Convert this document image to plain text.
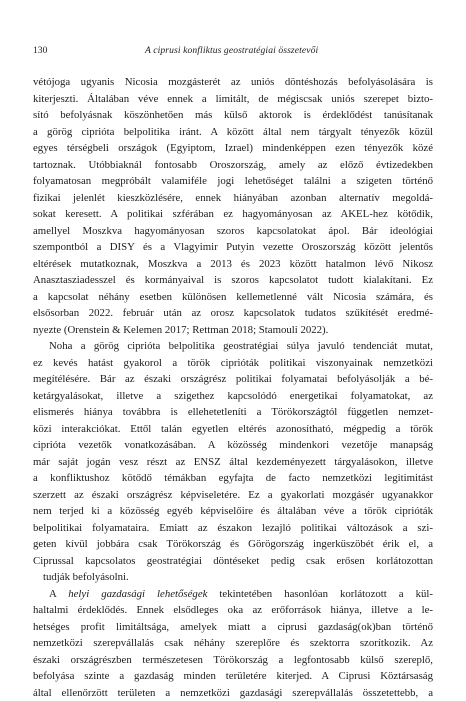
130	A ciprusi konfliktus geostratégiai összetevői
vétójoga ugyanis Nicosia mozgásterét az uniós döntéshozás befolyásolására is
kiterjeszti. Általában véve ennek a limitált, de mégiscsak uniós szerepet bizto-
sító befolyásnak köszönhetően más külső aktorok is érdeklődést tanúsítanak
a görög ciprióta belpolitika iránt. A között által nem tárgyalt tényezők közül
egyes térségbeli országok (Egyiptom, Izrael) mindenképpen ezen tényezők közé
tartoznak. Utóbbiaknál fontosabb Oroszország, amely az előző évtizedekben
folyamatosan megpróbált valamiféle jogi lehetőséget találni a szigeten történő
fizikai jelenlét kieszközlésére, ennek hiányában azonban alternatív megoldá-
sokat keresett. A politikai szférában ez hagyományosan az AKEL-hez kötődik,
amellyel Moszkva hagyományosan szoros kapcsolatokat ápol. Bár ideológiai
szempontból a DISY és a Vlagyimir Putyin vezette Oroszország között jelentős
eltérések mutatkoznak, Moszkva a 2013 és 2023 között hatalmon lévő Nikosz
Anasztasziadesszel és kormányaival is szoros kapcsolatot tudott kialakítani. Ez
a kapcsolat néhány esetben különösen kellemetlenné vált Nicosia számára, és
elsősorban 2022. február után az orosz kapcsolatok tudatos szűkítését eredmé-
nyezte (Orenstein & Kelemen 2017; Rettman 2018; Stamouli 2022).
Noha a görög ciprióta belpolitika geostratégiai súlya javuló tendenciát mutat,
ez kevés hatást gyakorol a török ciprióták politikai viszonyainak nemzetközi
megítélésére. Bár az északi országrész politikai folyamatai befolyásolják a bé-
ketárgyalásokat, illetve a szigethez kapcsolódó energetikai folyamatokat, az
elismerés hiánya továbbra is ellehetetleníti a Törökországtól független nemzet-
közi interakciókat. Ettől talán egyetlen eltérés azonosítható, mégpedig a török
ciprióta vezetők vonatkozásában. A közösség mindenkori vezetője manapság
már saját jogán vesz részt az ENSZ által kezdeményezett tárgyalásokon, illetve
a konfliktushoz kötődő témákban egyfajta de facto nemzetközi legitimitást
szerzett az északi országrész képviseletére. Ez a gyakorlati mozgásér ugyanakkor
nem terjed ki a közösség egyéb képviselőire és általában véve a török ciprióták
belpolitikai folyamataira. Emiatt az északon lezajló politikai változások a szi-
geten kívül jobbára csak Törökország és Görögország ingerküszöbét érik el, a
Ciprussal kapcsolatos geostratégiai döntéseket pedig csak erősen korlátozottan
tudják befolyásolni.
A helyi gazdasági lehetőségek tekintetében hasonlóan korlátozott a kül-
haltalmi érdeklődés. Ennek elsődleges oka az erőforrások hiánya, illetve a le-
hetséges profit limitáltsága, amelyek miatt a ciprusi gazdaság(ok)ban történő
nemzetközi szerepvállalás csak néhány szereplőre és szektorra szorítkozik. Az
északi országrészben természetesen Törökország a legfontosabb külső szereplő,
befolyása szinte a gazdaság minden területére kiterjed. A Ciprusi Köztársaság
által ellenőrzött területen a nemzetközi gazdasági szerepvállalás összetettebb, a
